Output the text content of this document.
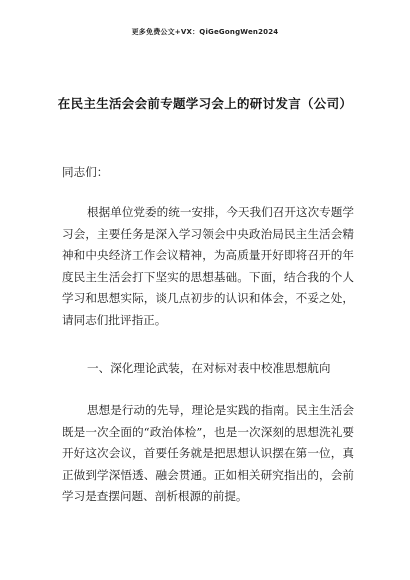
更多免费公文+VX：QiGeGongWen2024
在民主生活会会前专题学习会上的研讨发言（公司）
同志们：
根据单位党委的统一安排，今天我们召开这次专题学习会，主要任务是深入学习领会中央政治局民主生活会精神和中央经济工作会议精神，为高质量开好即将召开的年度民主生活会打下坚实的思想基础。下面，结合我的个人学习和思想实际，谈几点初步的认识和体会，不妥之处，请同志们批评指正。
一、深化理论武装，在对标对表中校准思想航向
思想是行动的先导，理论是实践的指南。民主生活会既是一次全面的“政治体检”，也是一次深刻的思想洗礼要开好这次会议，首要任务就是把思想认识摆在第一位，真正做到学深悟透、融会贯通。正如相关研究指出的，会前学习是查摆问题、剖析根源的前提。
